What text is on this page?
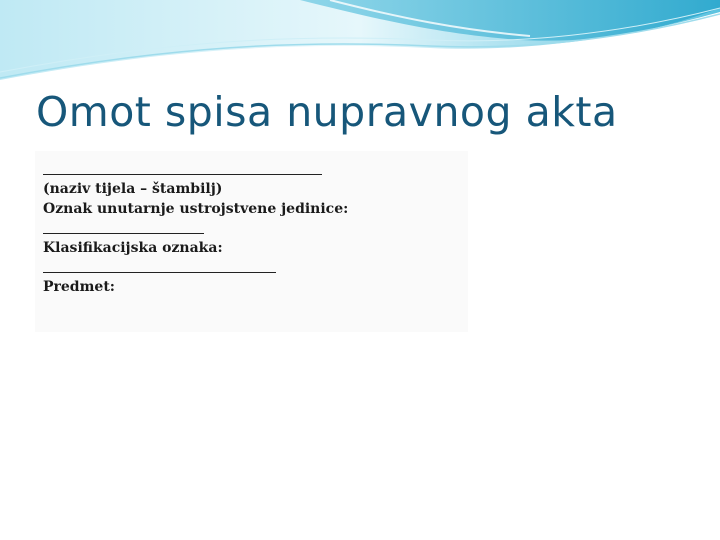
Omot spisa nupravnog akta
(naziv tijela – štambilj)
Oznak unutarnje ustrojstvene jedinice:
Klasifikacijska oznaka:
Predmet:
